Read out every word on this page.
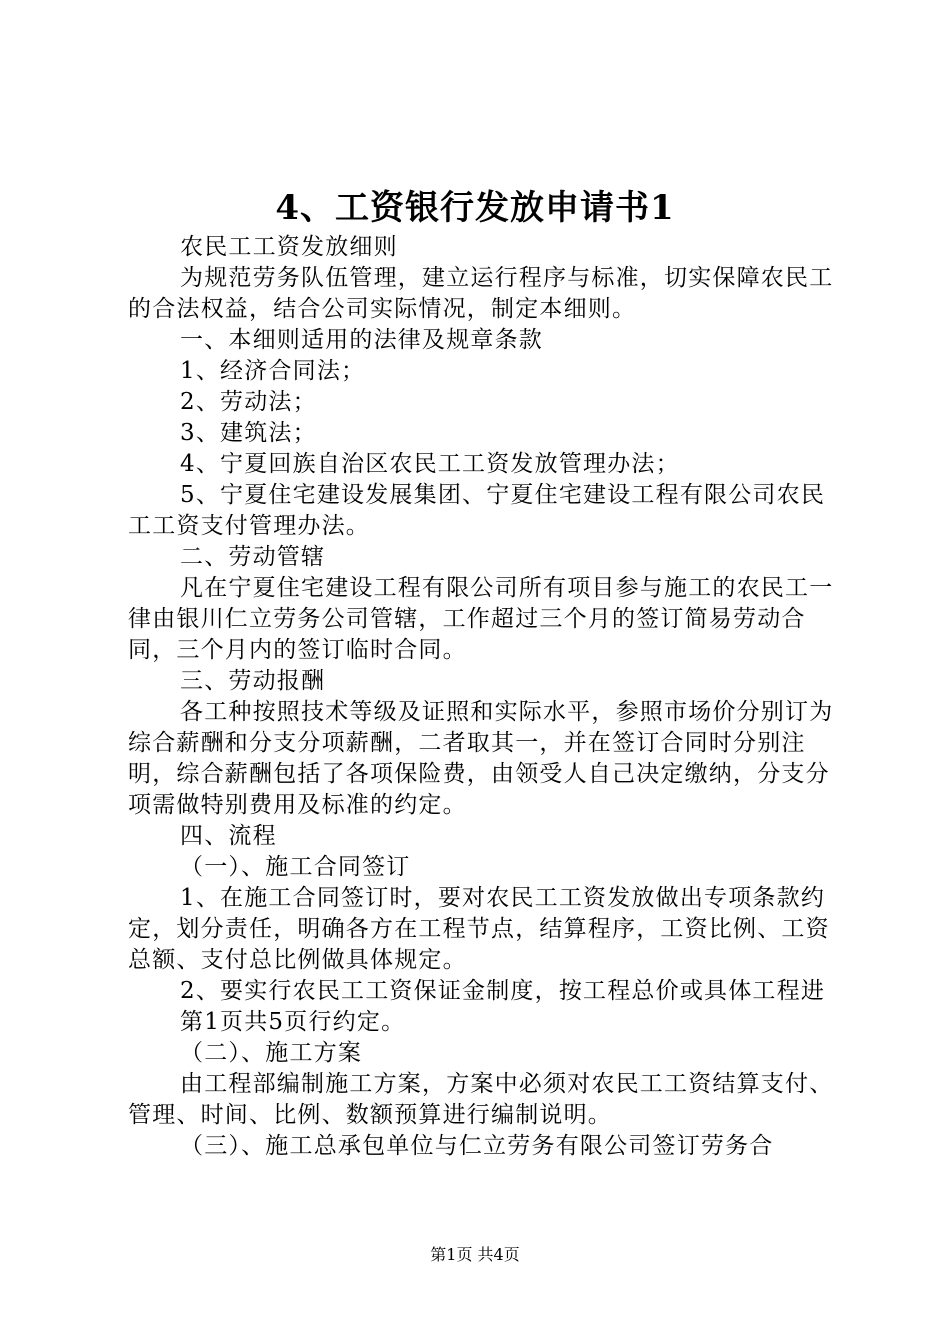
4、工资银行发放申请书1

农民工工资发放细则

为规范劳务队伍管理，建立运行程序与标准，切实保障农民工的合法权益，结合公司实际情况，制定本细则。

一、本细则适用的法律及规章条款

1、经济合同法；

2、劳动法；

3、建筑法；

4、宁夏回族自治区农民工工资发放管理办法；

5、宁夏住宅建设发展集团、宁夏住宅建设工程有限公司农民工工资支付管理办法。

二、劳动管辖

凡在宁夏住宅建设工程有限公司所有项目参与施工的农民工一律由银川仁立劳务公司管辖，工作超过三个月的签订简易劳动合同，三个月内的签订临时合同。

三、劳动报酬

各工种按照技术等级及证照和实际水平，参照市场价分别订为综合薪酬和分支分项薪酬，二者取其一，并在签订合同时分别注明，综合薪酬包括了各项保险费，由领受人自己决定缴纳，分支分项需做特别费用及标准的约定。

四、流程

（一）、施工合同签订

1、在施工合同签订时，要对农民工工资发放做出专项条款约定，划分责任，明确各方在工程节点，结算程序，工资比例、工资总额、支付总比例做具体规定。

2、要实行农民工工资保证金制度，按工程总价或具体工程进

第1页共5页行约定。

（二）、施工方案

由工程部编制施工方案，方案中必须对农民工工资结算支付、管理、时间、比例、数额预算进行编制说明。

（三）、施工总承包单位与仁立劳务有限公司签订劳务合

第1页 共4页
